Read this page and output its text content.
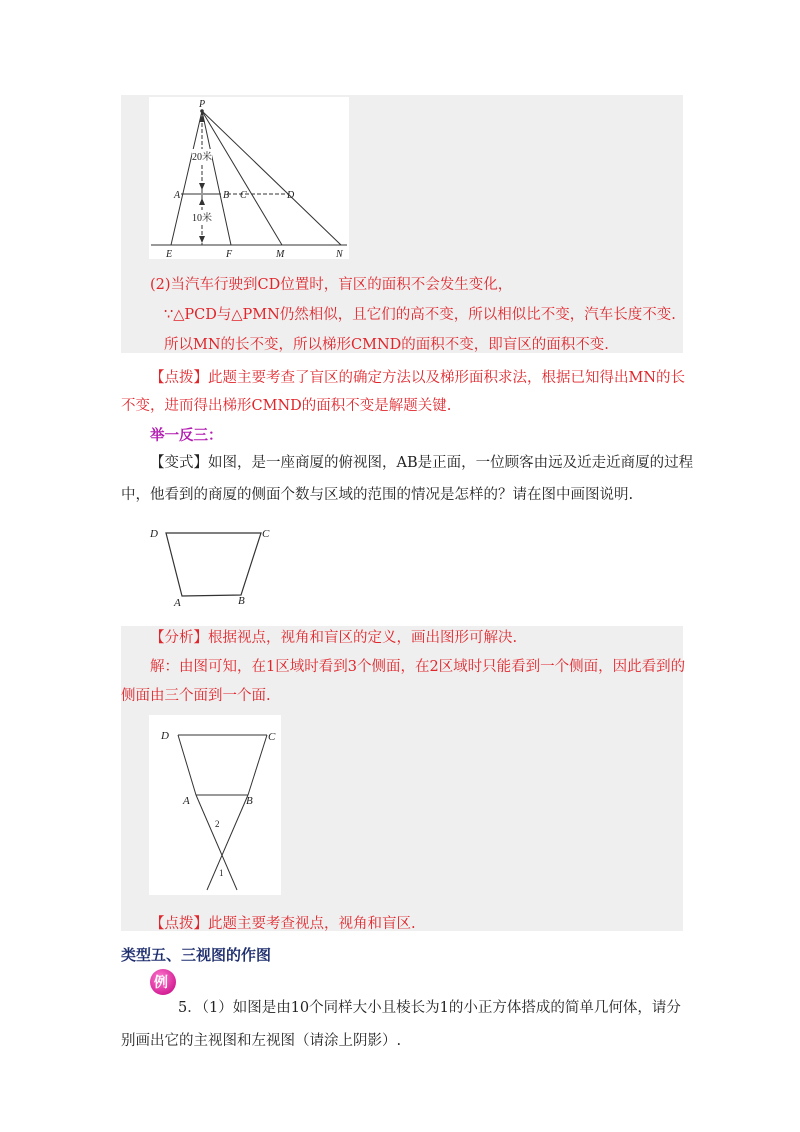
P
A	B C	D
E	F	M	N
20米
10米
(2)当汽车行驶到CD位置时，盲区的面积不会发生变化，
∵△PCD与△PMN仍然相似，且它们的高不变，所以相似比不变，汽车长度不变.
所以MN的长不变，所以梯形CMND的面积不变，即盲区的面积不变.
【点拨】此题主要考查了盲区的确定方法以及梯形面积求法，根据已知得出MN的长
不变，进而得出梯形CMND的面积不变是解题关键.
举一反三：
【变式】如图，是一座商厦的俯视图，AB是正面，一位顾客由远及近走近商厦的过程
中，他看到的商厦的侧面个数与区域的范围的情况是怎样的？请在图中画图说明.
D	C
A	B
【分析】根据视点，视角和盲区的定义，画出图形可解决.
解：由图可知，在1区域时看到3个侧面，在2区域时只能看到一个侧面，因此看到的
侧面由三个面到一个面.
D	C
A	B
2
1
【点拨】此题主要考查视点，视角和盲区.
类型五、三视图的作图
例
5．（1）如图是由10个同样大小且棱长为1的小正方体搭成的简单几何体，请分
别画出它的主视图和左视图（请涂上阴影）.
